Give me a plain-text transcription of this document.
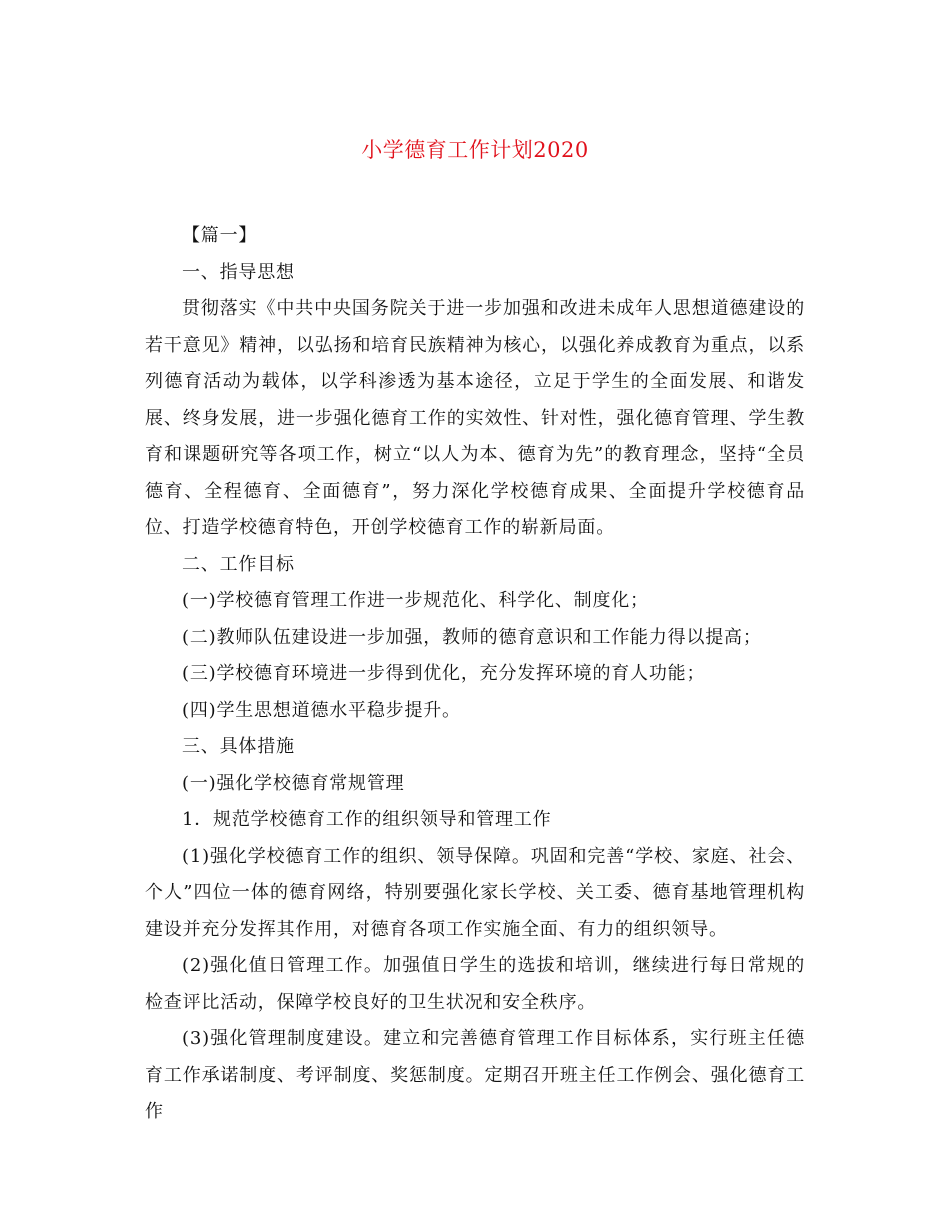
小学德育工作计划2020

【篇一】

一、指导思想

贯彻落实《中共中央国务院关于进一步加强和改进未成年人思想道德建设的若干意见》精神，以弘扬和培育民族精神为核心，以强化养成教育为重点，以系列德育活动为载体，以学科渗透为基本途径，立足于学生的全面发展、和谐发展、终身发展，进一步强化德育工作的实效性、针对性，强化德育管理、学生教育和课题研究等各项工作，树立“以人为本、德育为先”的教育理念，坚持“全员德育、全程德育、全面德育”，努力深化学校德育成果、全面提升学校德育品位、打造学校德育特色，开创学校德育工作的崭新局面。

二、工作目标

(一)学校德育管理工作进一步规范化、科学化、制度化；

(二)教师队伍建设进一步加强，教师的德育意识和工作能力得以提高；

(三)学校德育环境进一步得到优化，充分发挥环境的育人功能；

(四)学生思想道德水平稳步提升。

三、具体措施

(一)强化学校德育常规管理

1．规范学校德育工作的组织领导和管理工作

(1)强化学校德育工作的组织、领导保障。巩固和完善“学校、家庭、社会、个人”四位一体的德育网络，特别要强化家长学校、关工委、德育基地管理机构建设并充分发挥其作用，对德育各项工作实施全面、有力的组织领导。

(2)强化值日管理工作。加强值日学生的选拔和培训，继续进行每日常规的检查评比活动，保障学校良好的卫生状况和安全秩序。

(3)强化管理制度建设。建立和完善德育管理工作目标体系，实行班主任德育工作承诺制度、考评制度、奖惩制度。定期召开班主任工作例会、强化德育工作
